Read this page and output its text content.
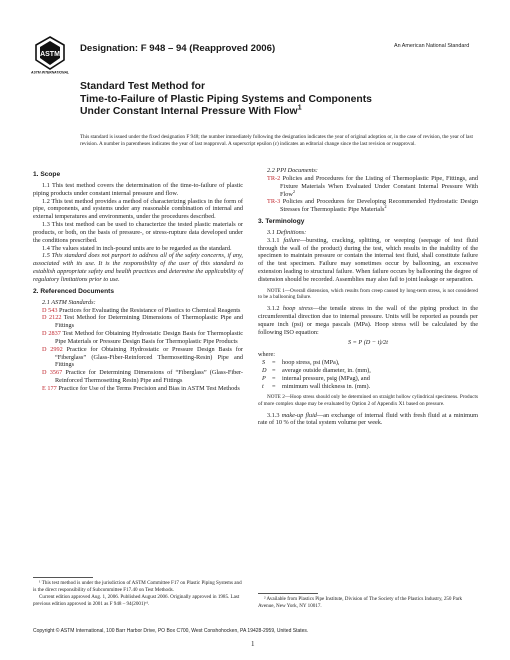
ASTM
ASTM INTERNATIONAL
Designation: F 948 – 94 (Reapproved 2006)	An American National Standard
Standard Test Method for
Time-to-Failure of Plastic Piping Systems and Components
Under Constant Internal Pressure With Flow$^1$
This standard is issued under the fixed designation F 948; the number immediately following the designation indicates the year of original adoption or, in the case of revision, the year of last revision. A number in parentheses indicates the year of last reapproval. A superscript epsilon (ε) indicates an editorial change since the last revision or reapproval.

1. Scope

1.1 This test method covers the determination of the time-to-failure of plastic piping products under constant internal pressure and flow.

1.2 This test method provides a method of characterizing plastics in the form of pipe, components, and systems under any reasonable combination of internal and external temperatures and environments, under the procedures described.

1.3 This test method can be used to characterize the tested plastic materials or products, or both, on the basis of pressure-, or stress-rupture data developed under the conditions prescribed.

1.4 The values stated in inch-pound units are to be regarded as the standard.

1.5 This standard does not purport to address all of the safety concerns, if any, associated with its use. It is the responsibility of the user of this standard to establish appropriate safety and health practices and determine the applicability of regulatory limitations prior to use.

2. Referenced Documents

2.1 ASTM Standards:

D 543 Practices for Evaluating the Resistance of Plastics to Chemical Reagents

D 2122 Test Method for Determining Dimensions of Thermoplastic Pipe and Fittings

D 2837 Test Method for Obtaining Hydrostatic Design Basis for Thermoplastic Pipe Materials or Pressure Design Basis for Thermoplastic Pipe Products

D 2992 Practice for Obtaining Hydrostatic or Pressure Design Basis for “Fiberglass” (Glass-Fiber-Reinforced Thermosetting-Resin) Pipe and Fittings

D 3567 Practice for Determining Dimensions of “Fiberglass” (Glass-Fiber-Reinforced Thermosetting Resin) Pipe and Fittings

E 177 Practice for Use of the Terms Precision and Bias in ASTM Test Methods

2.2 PPI Documents:

TR-2 Policies and Procedures for the Listing of Thermoplastic Pipe, Fittings, and Fixture Materials When Evaluated Under Constant Internal Pressure With Flow$^2$

TR-3 Policies and Procedures for Developing Recommended Hydrostatic Design Stresses for Thermoplastic Pipe Materials$^2$

3. Terminology

3.1 Definitions:

3.1.1 failure—bursting, cracking, splitting, or weeping (seepage of test fluid through the wall of the product) during the test, which results in the inability of the specimen to maintain pressure or contain the internal test fluid, shall constitute failure of the test specimen. Failure may sometimes occur by ballooning, an excessive extension leading to structural failure. When failure occurs by ballooning the degree of distension should be recorded. Assemblies may also fail to joint leakage or separation.

NOTE 1—Overall distension, which results from creep caused by long-term stress, is not considered to be a ballooning failure.

3.1.2 hoop stress—the tensile stress in the wall of the piping product in the circumferential direction due to internal pressure. Units will be reported as pounds per square inch (psi) or mega pascals (MPa). Hoop stress will be calculated by the following ISO equation:

S = P (D − t)/2t

where:

S	=	hoop stress, psi (MPa),
D	=	average outside diameter, in. (mm),
P	=	internal pressure, psig (MPag), and
t	=	mimimum wall thickness in. (mm).

NOTE 2—Hoop stress should only be determined on straight hollow cylindrical specimens. Products of more complex shape may be evaluated by Option 2 of Appendix X1 based on pressure.

3.1.3 make-up fluid—an exchange of internal fluid with fresh fluid at a minimum rate of 10 % of the total system volume per week.

¹ This test method is under the jurisdiction of ASTM Committee F17 on Plastic Piping Systems and is the direct responsibility of Subcommittee F17.40 on Test Methods.

Current edition approved Aug. 1, 2006. Published August 2006. Originally approved in 1985. Last previous edition approved in 2001 as F 948 – 94(2001)ᵉ¹.

² Available from Plastics Pipe Institute, Division of The Society of the Plastics Industry, 250 Park Avenue, New York, NY 10017.

Copyright © ASTM International, 100 Barr Harbor Drive, PO Box C700, West Conshohocken, PA 19428-2959, United States.
1
